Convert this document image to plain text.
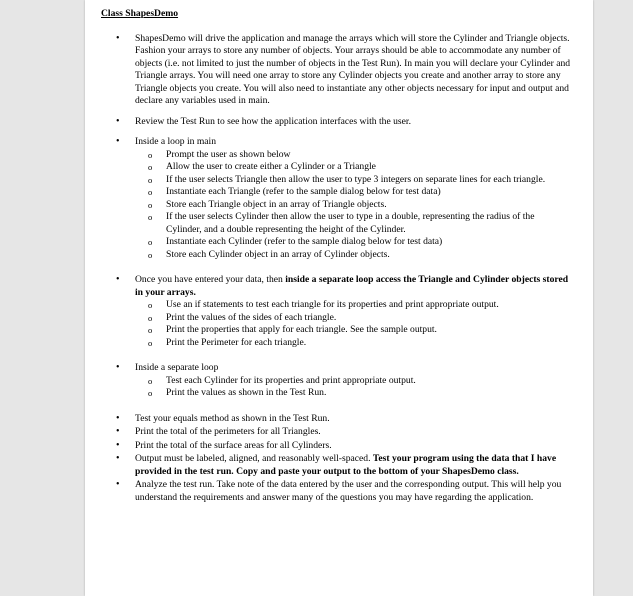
Class ShapesDemo
• ShapesDemo will drive the application and manage the arrays which will store the Cylinder and Triangle objects. Fashion your arrays to store any number of objects. Your arrays should be able to accommodate any number of objects (i.e. not limited to just the number of objects in the Test Run). In main you will declare your Cylinder and Triangle arrays. You will need one array to store any Cylinder objects you create and another array to store any Triangle objects you create. You will also need to instantiate any other objects necessary for input and output and declare any variables used in main.
• Review the Test Run to see how the application interfaces with the user.
• Inside a loop in main
o Prompt the user as shown below
o Allow the user to create either a Cylinder or a Triangle
o If the user selects Triangle then allow the user to type 3 integers on separate lines for each triangle.
o Instantiate each Triangle (refer to the sample dialog below for test data)
o Store each Triangle object in an array of Triangle objects.
o If the user selects Cylinder then allow the user to type in a double, representing the radius of the Cylinder, and a double representing the height of the Cylinder.
o Instantiate each Cylinder (refer to the sample dialog below for test data)
o Store each Cylinder object in an array of Cylinder objects.
• Once you have entered your data, then inside a separate loop access the Triangle and Cylinder objects stored in your arrays.
o Use an if statements to test each triangle for its properties and print appropriate output.
o Print the values of the sides of each triangle.
o Print the properties that apply for each triangle. See the sample output.
o Print the Perimeter for each triangle.
• Inside a separate loop
o Test each Cylinder for its properties and print appropriate output.
o Print the values as shown in the Test Run.
• Test your equals method as shown in the Test Run.
• Print the total of the perimeters for all Triangles.
• Print the total of the surface areas for all Cylinders.
• Output must be labeled, aligned, and reasonably well-spaced. Test your program using the data that I have provided in the test run. Copy and paste your output to the bottom of your ShapesDemo class.
• Analyze the test run. Take note of the data entered by the user and the corresponding output. This will help you understand the requirements and answer many of the questions you may have regarding the application.
